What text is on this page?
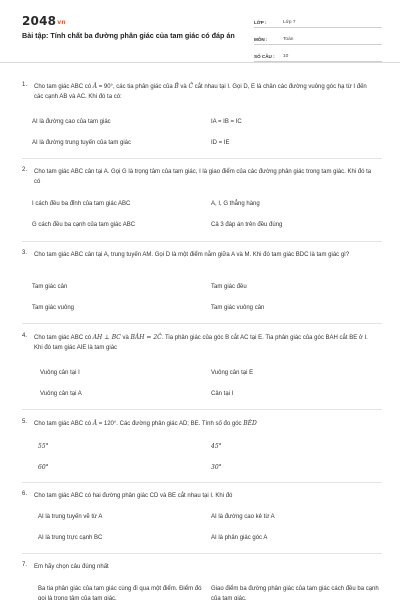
2048vn
Bài tập: Tính chất ba đường phân giác của tam giác có đáp án
LỚP :	Lớp 7
MÔN :	Toán
SỐ CÂU :	10
1. Cho tam giác ABC có Â = 90°, các tia phân giác của B̂ và Ĉ cắt nhau tại I. Gọi D, E là chân các đường vuông góc hạ từ I đến các cạnh AB và AC. Khi đó ta có:
AI là đường cao của tam giác	IA = IB = IC
AI là đường trung tuyến của tam giác	ID = IE
2. Cho tam giác ABC cân tại A. Gọi G là trọng tâm của tam giác, I là giao điểm của các đường phân giác trong tam giác. Khi đó ta có
I cách đều ba đỉnh của tam giác ABC	A, I, G thẳng hàng
G cách đều ba cạnh của tam giác ABC	Cả 3 đáp án trên đều đúng
3. Cho tam giác ABC cân tại A, trung tuyến AM. Gọi D là một điểm nằm giữa A và M. Khi đó tam giác BDC là tam giác gì?
Tam giác cân	Tam giác đều
Tam giác vuông	Tam giác vuông cân
4. Cho tam giác ABC có AH ⊥ BC và BÂH = 2Ĉ. Tia phân giác của góc B cắt AC tại E. Tia phân giác của góc BAH cắt BE ở I. Khi đó tam giác AIE là tam giác
Vuông cân tại I	Vuông cân tại E
Vuông cân tại A	Cân tại I
5. Cho tam giác ABC có Â = 120°. Các đường phân giác AD; BE. Tính số đo góc BÊD
55°	45°
60°	30°
6. Cho tam giác ABC có hai đường phân giác CD và BE cắt nhau tại I. Khi đó
AI là trung tuyến vẽ từ A	AI là đường cao kẻ từ A
AI là trung trực cạnh BC	AI là phân giác góc A
7. Em hãy chọn câu đúng nhất
Ba tia phân giác của tam giác cùng đi qua một điểm. Điểm đó gọi là trọng tâm của tam giác.
Giao điểm ba đường phân giác của tam giác cách đều ba cạnh của tam giác.
